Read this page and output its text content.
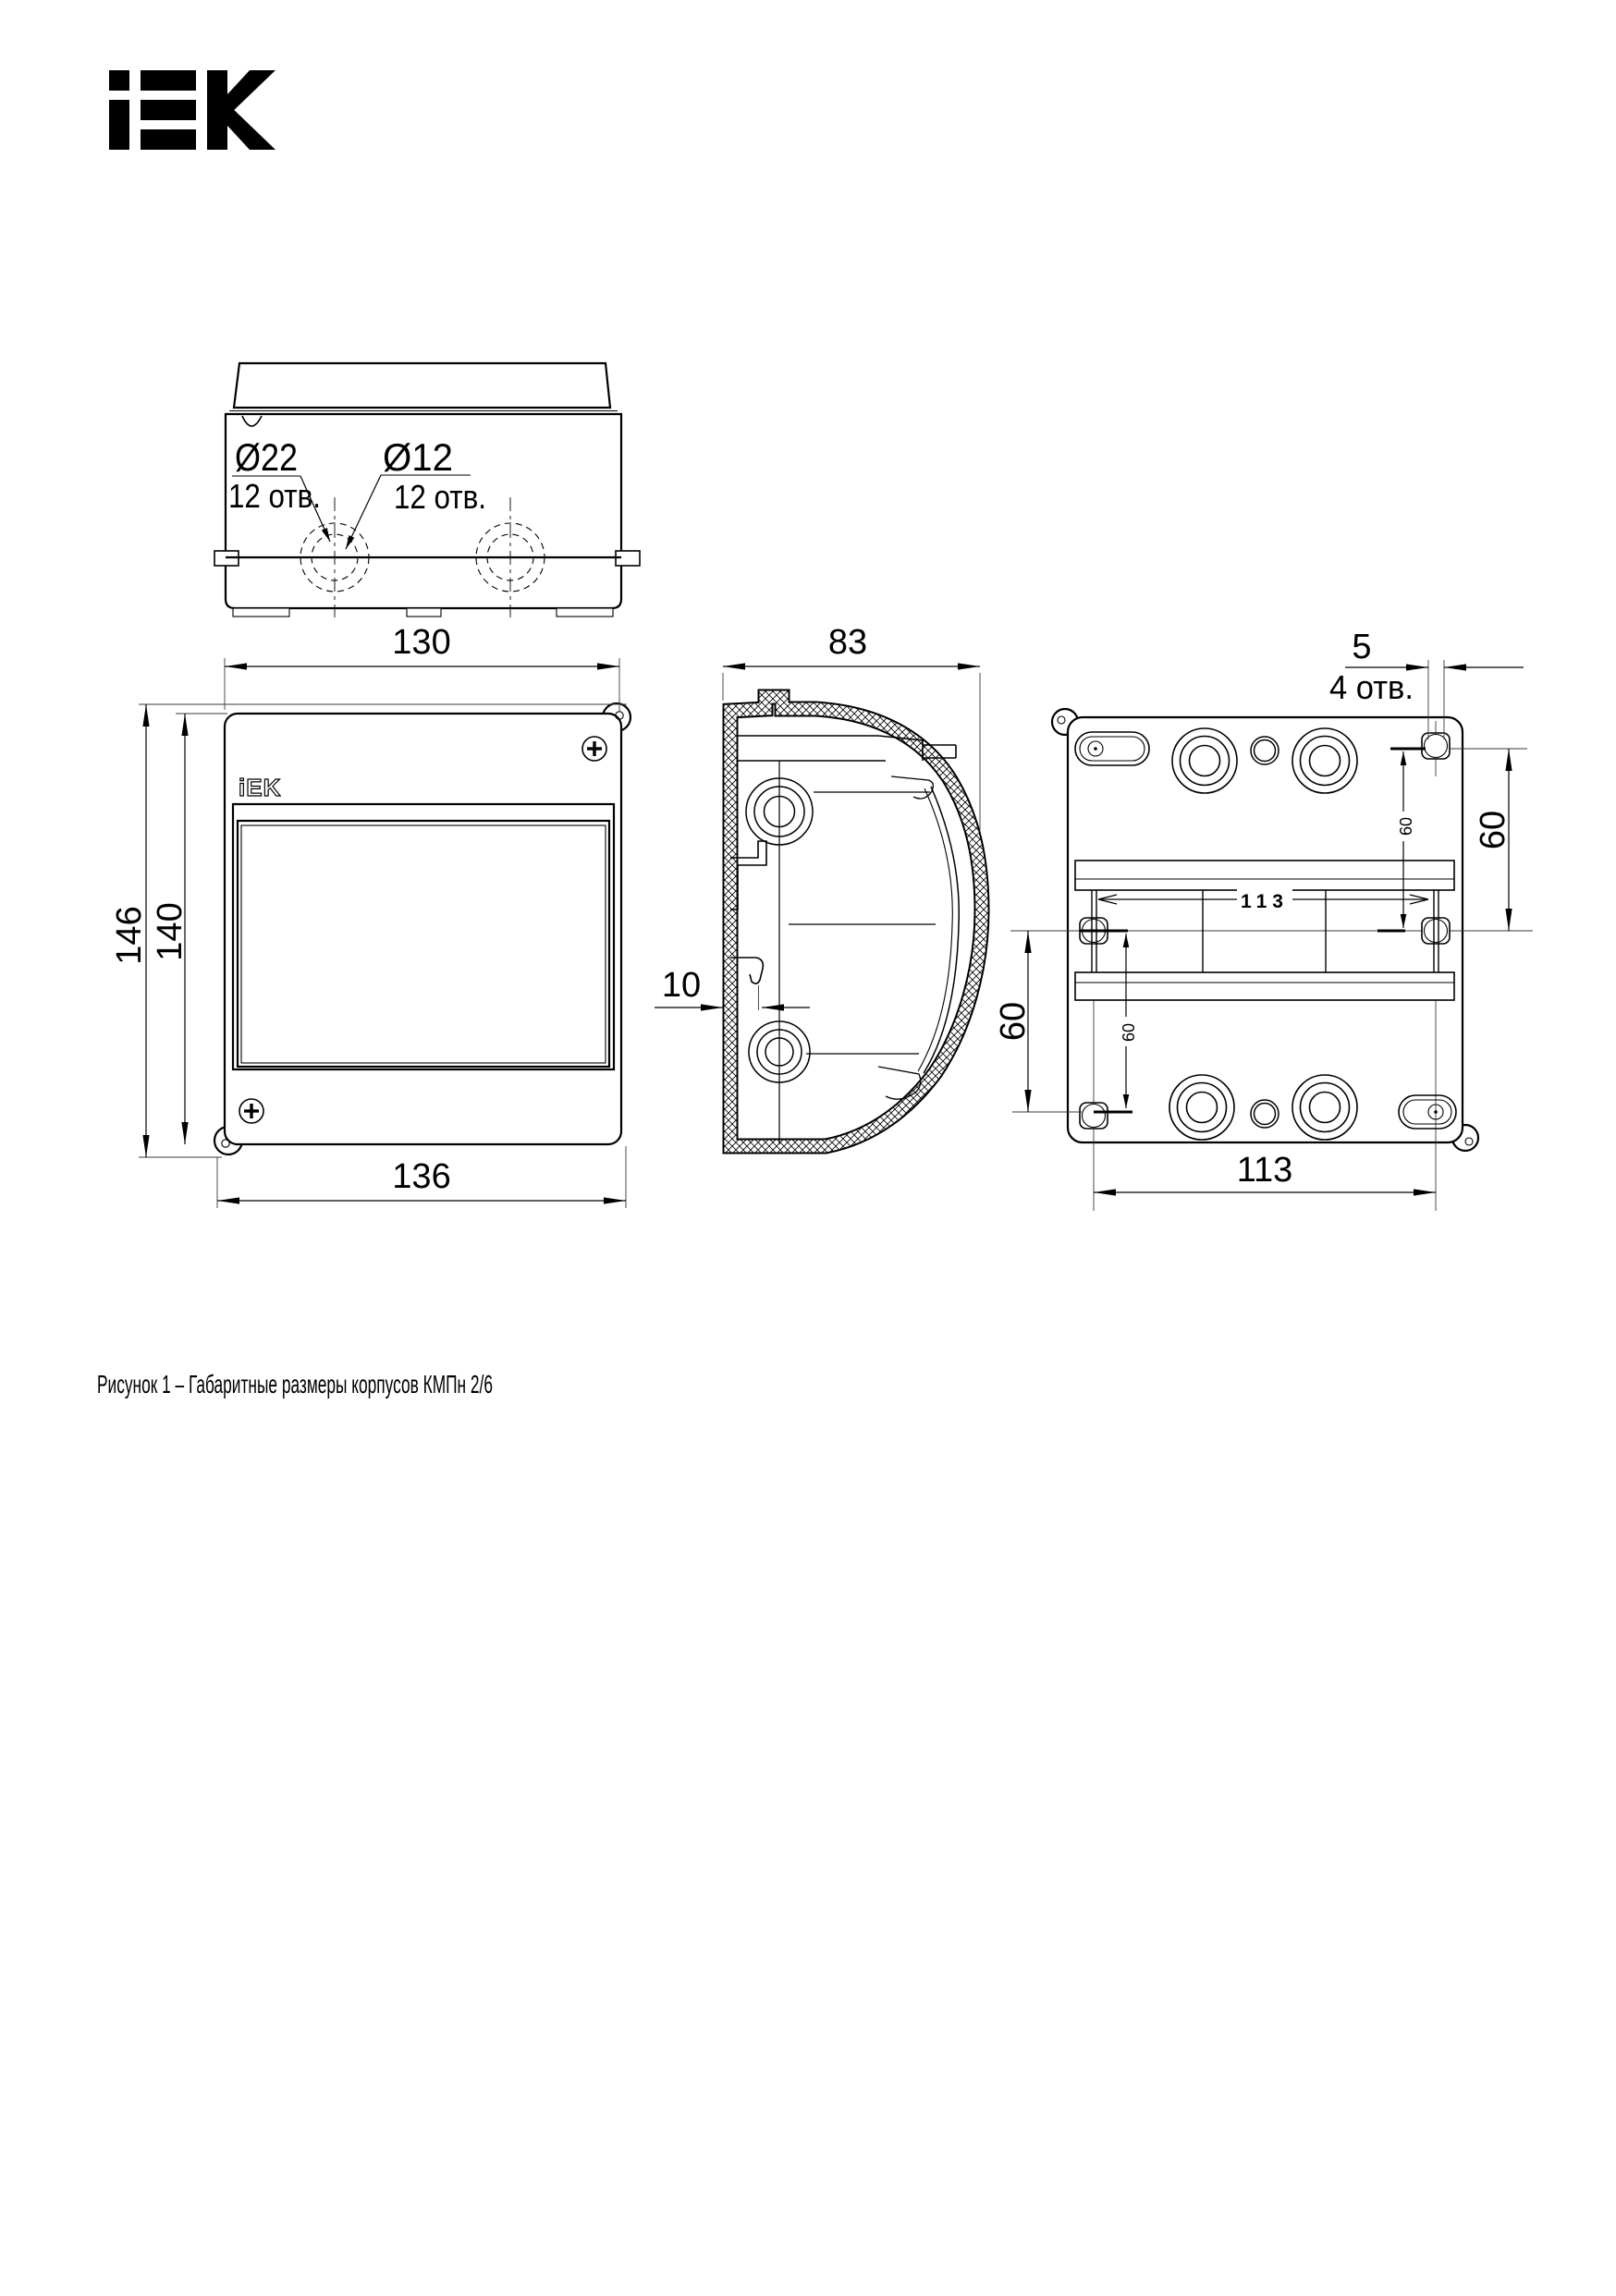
Ø22
12 отв.
Ø12
12 отв.
iEK
130
136
146 140
83
10
5
4 отв.
60
60
60	60
113
113
Рисунок 1 – Габаритные размеры корпусов КМПн 2/6
